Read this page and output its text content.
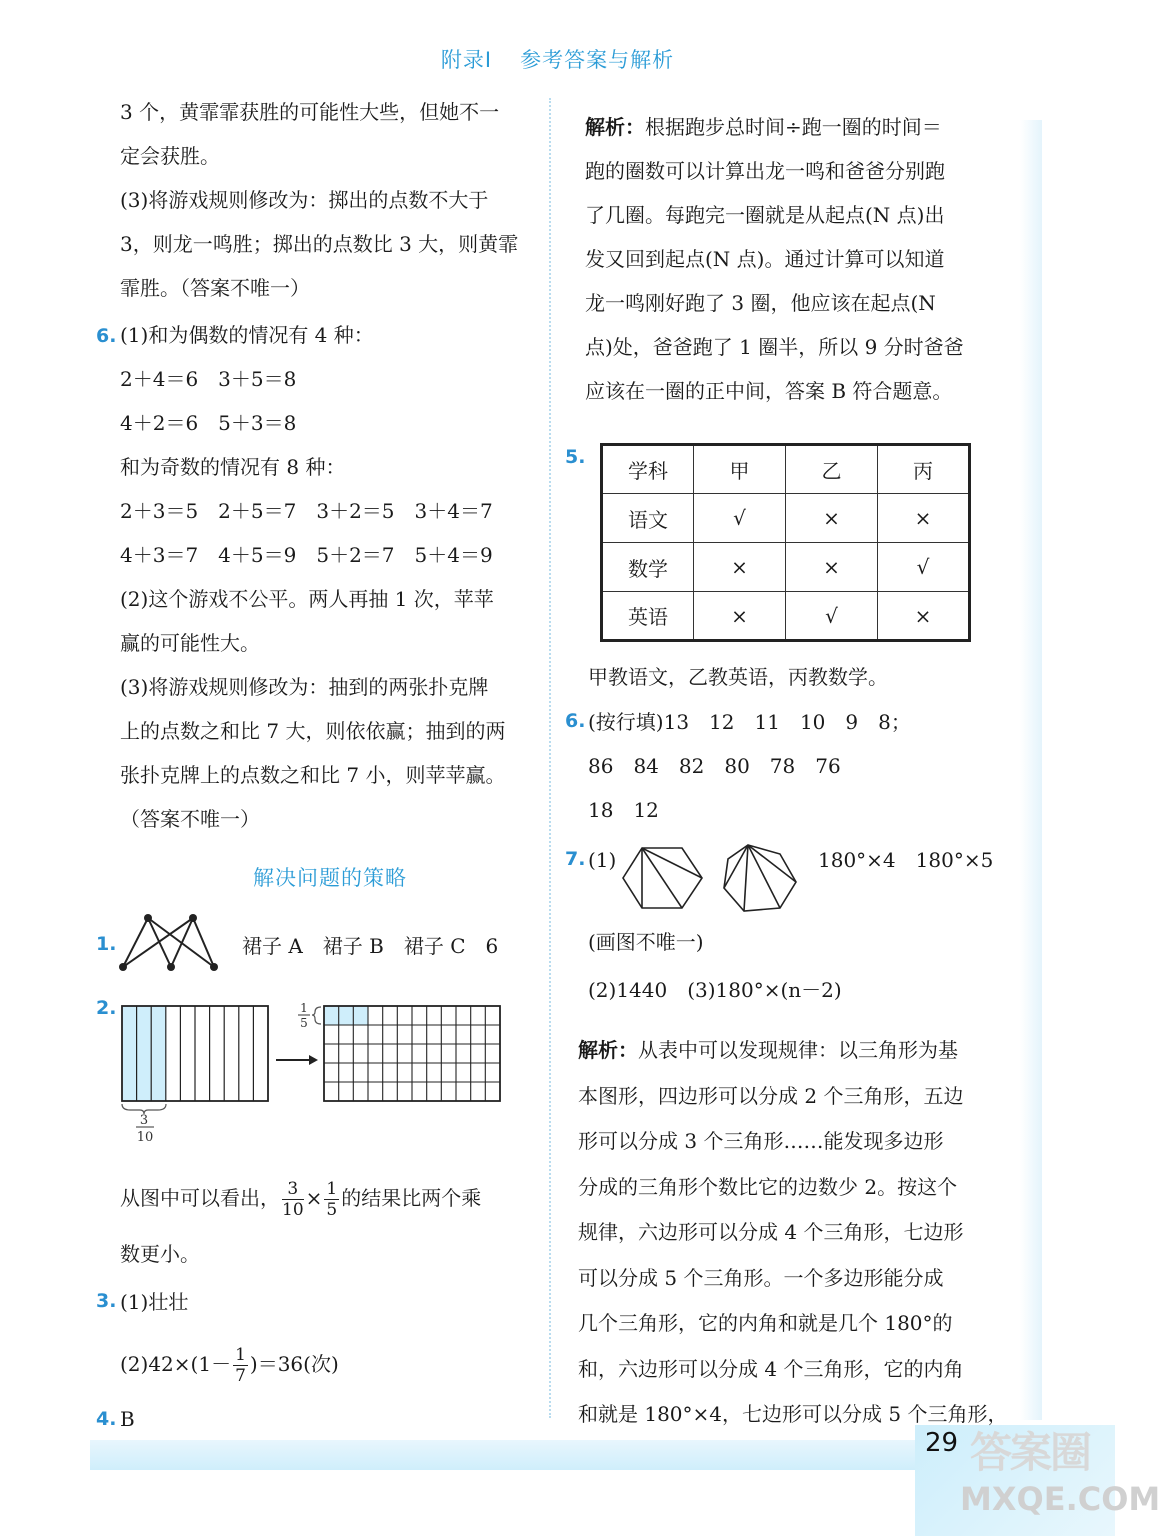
附录Ⅰ 参考答案与解析
3 个，黄霏霏获胜的可能性大些，但她不一
定会获胜。
(3)将游戏规则修改为：掷出的点数不大于
3，则龙一鸣胜；掷出的点数比 3 大，则黄霏
霏胜。（答案不唯一）
6. (1)和为偶数的情况有 4 种：
2＋4＝6　3＋5＝8
4＋2＝6　5＋3＝8
和为奇数的情况有 8 种：
2＋3＝5　2＋5＝7　3＋2＝5　3＋4＝7
4＋3＝7　4＋5＝9　5＋2＝7　5＋4＝9
(2)这个游戏不公平。两人再抽 1 次，苹苹
赢的可能性大。
(3)将游戏规则修改为：抽到的两张扑克牌
上的点数之和比 7 大，则依依赢；抽到的两
张扑克牌上的点数之和比 7 小，则苹苹赢。
（答案不唯一）
解决问题的策略
1.	裙子 A　裙子 B　裙子 C　6
2.
3
10
1
5
从图中可以看出， $\frac{3}{10} \times \frac{1}{5}$ 的结果比两个乘
数更小。
3. (1)壮壮
$(2)42\times(1- \frac{1}{7} )=36$(次)
4. B
解析：根据跑步总时间÷跑一圈的时间＝
跑的圈数可以计算出龙一鸣和爸爸分别跑
了几圈。每跑完一圈就是从起点(N 点)出
发又回到起点(N 点)。通过计算可以知道
龙一鸣刚好跑了 3 圈，他应该在起点(N
点)处，爸爸跑了 1 圈半，所以 9 分时爸爸
应该在一圈的正中间，答案 B 符合题意。
5.
学科	甲	乙	丙
语文	√	×	×
数学	×	×	√
英语	×	√	×
甲教语文，乙教英语，丙教数学。
6. (按行填)13　12　11　10　9　8；
86　84　82　80　78　76
18　12
7. (1)	180°×4　180°×5
(画图不唯一)
(2)1440　(3)180°×(n－2)
解析：从表中可以发现规律：以三角形为基
本图形，四边形可以分成 2 个三角形，五边
形可以分成 3 个三角形……能发现多边形
分成的三角形个数比它的边数少 2。按这个
规律，六边形可以分成 4 个三角形，七边形
可以分成 5 个三角形。一个多边形能分成
几个三角形，它的内角和就是几个 180°的
和，六边形可以分成 4 个三角形，它的内角
和就是 180°×4，七边形可以分成 5 个三角形，
29 答案圈
MXQE.COM
